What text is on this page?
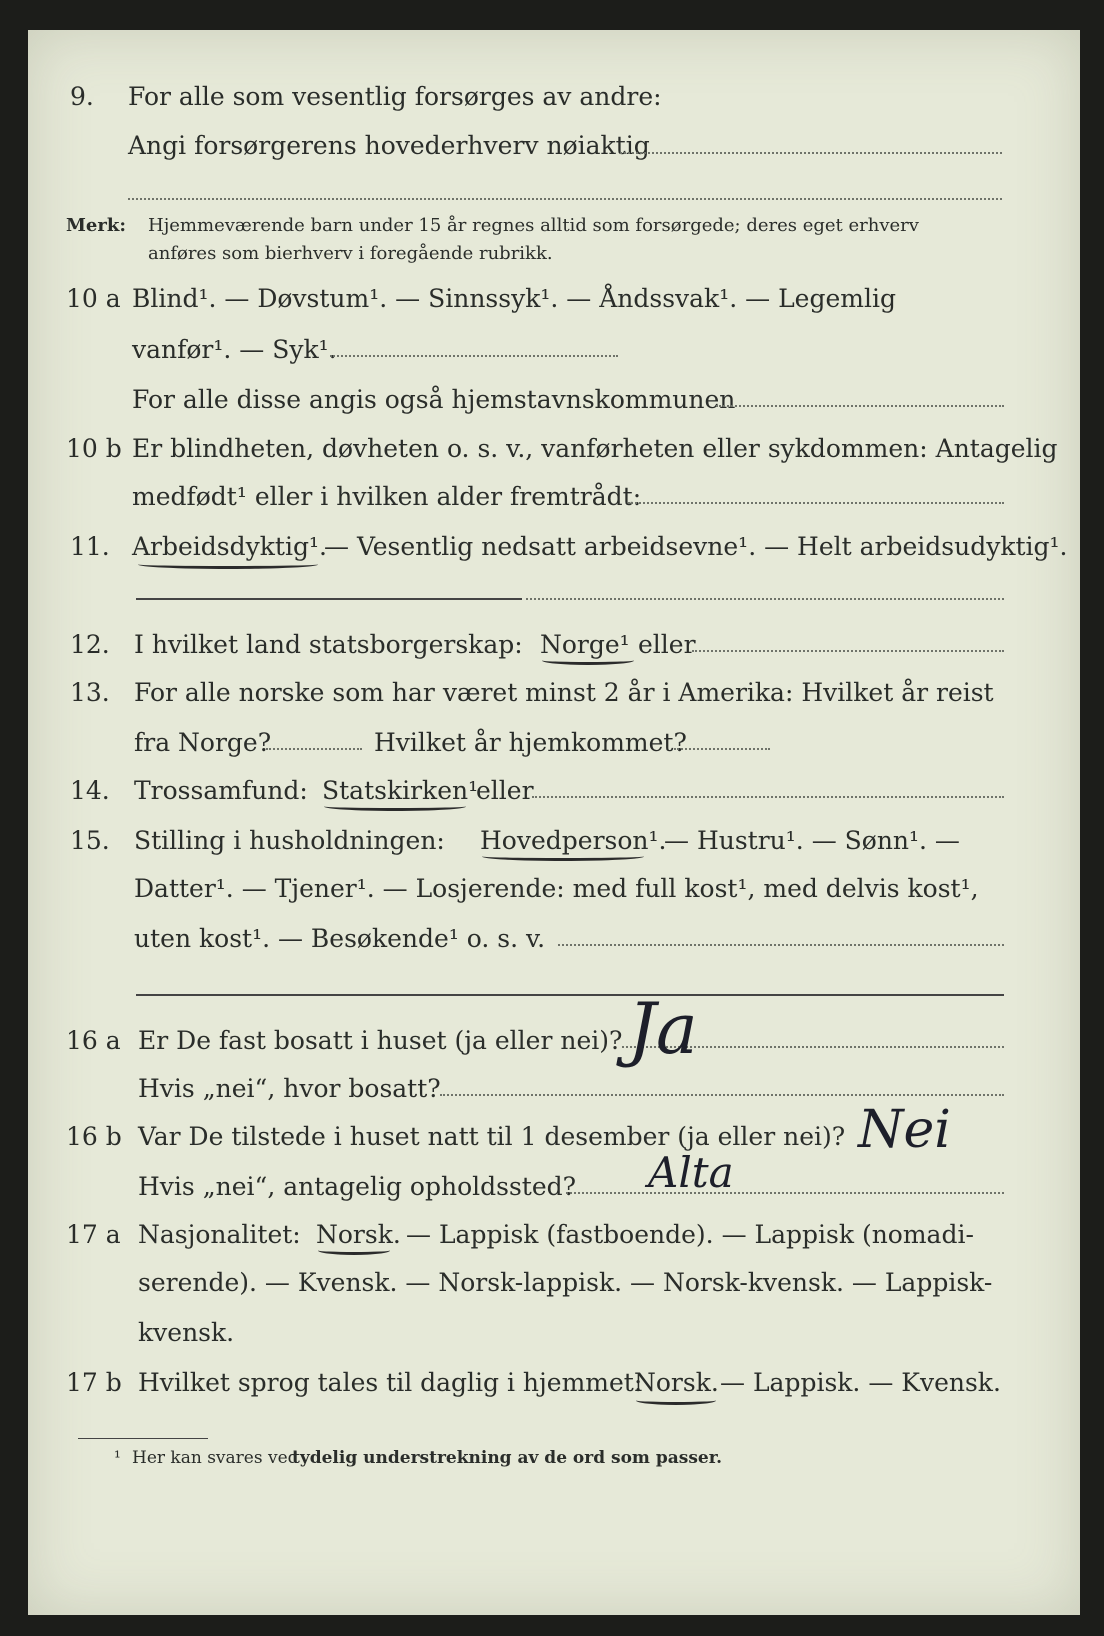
9. For alle som vesentlig forsørges av andre:
Angi forsørgerens hovederhverv nøiaktig
Merk: Hjemmeværende barn under 15 år regnes alltid som forsørgede; deres eget erhverv
anføres som bierhverv i foregående rubrikk.
10 a Blind¹. — Døvstum¹. — Sinnssyk¹. — Åndssvak¹. — Legemlig
vanfør¹. — Syk¹.
For alle disse angis også hjemstavnskommunen
10 b Er blindheten, døvheten o. s. v., vanførheten eller sykdommen: Antagelig
medfødt¹ eller i hvilken alder fremtrådt:
11. Arbeidsdyktig¹.
— Vesentlig nedsatt arbeidsevne¹. — Helt arbeidsudyktig¹.
12. I hvilket land statsborgerskap: Norge¹ eller
13. For alle norske som har været minst 2 år i Amerika: Hvilket år reist
fra Norge?	Hvilket år hjemkommet?
14. Trossamfund: Statskirken¹
eller
15. Stilling i husholdningen: Hovedperson¹.
— Hustru¹. — Sønn¹. —
Datter¹. — Tjener¹. — Losjerende: med full kost¹, med delvis kost¹,
uten kost¹. — Besøkende¹ o. s. v.
16 a Er De fast bosatt i huset (ja eller nei)? Ja
Hvis „nei“, hvor bosatt?
16 b Var De tilstede i huset natt til 1 desember (ja eller nei)? Nei
Hvis „nei“, antagelig opholdssted? Alta
17 a Nasjonalitet: Norsk. — Lappisk (fastboende). — Lappisk (nomadi-
serende). — Kvensk. — Norsk-lappisk. — Norsk-kvensk. — Lappisk-
kvensk.
17 b Hvilket sprog tales til daglig i hjemmet:
Norsk. — Lappisk. — Kvensk.
¹ Her kan svares ved
tydelig understrekning av de ord som passer.
